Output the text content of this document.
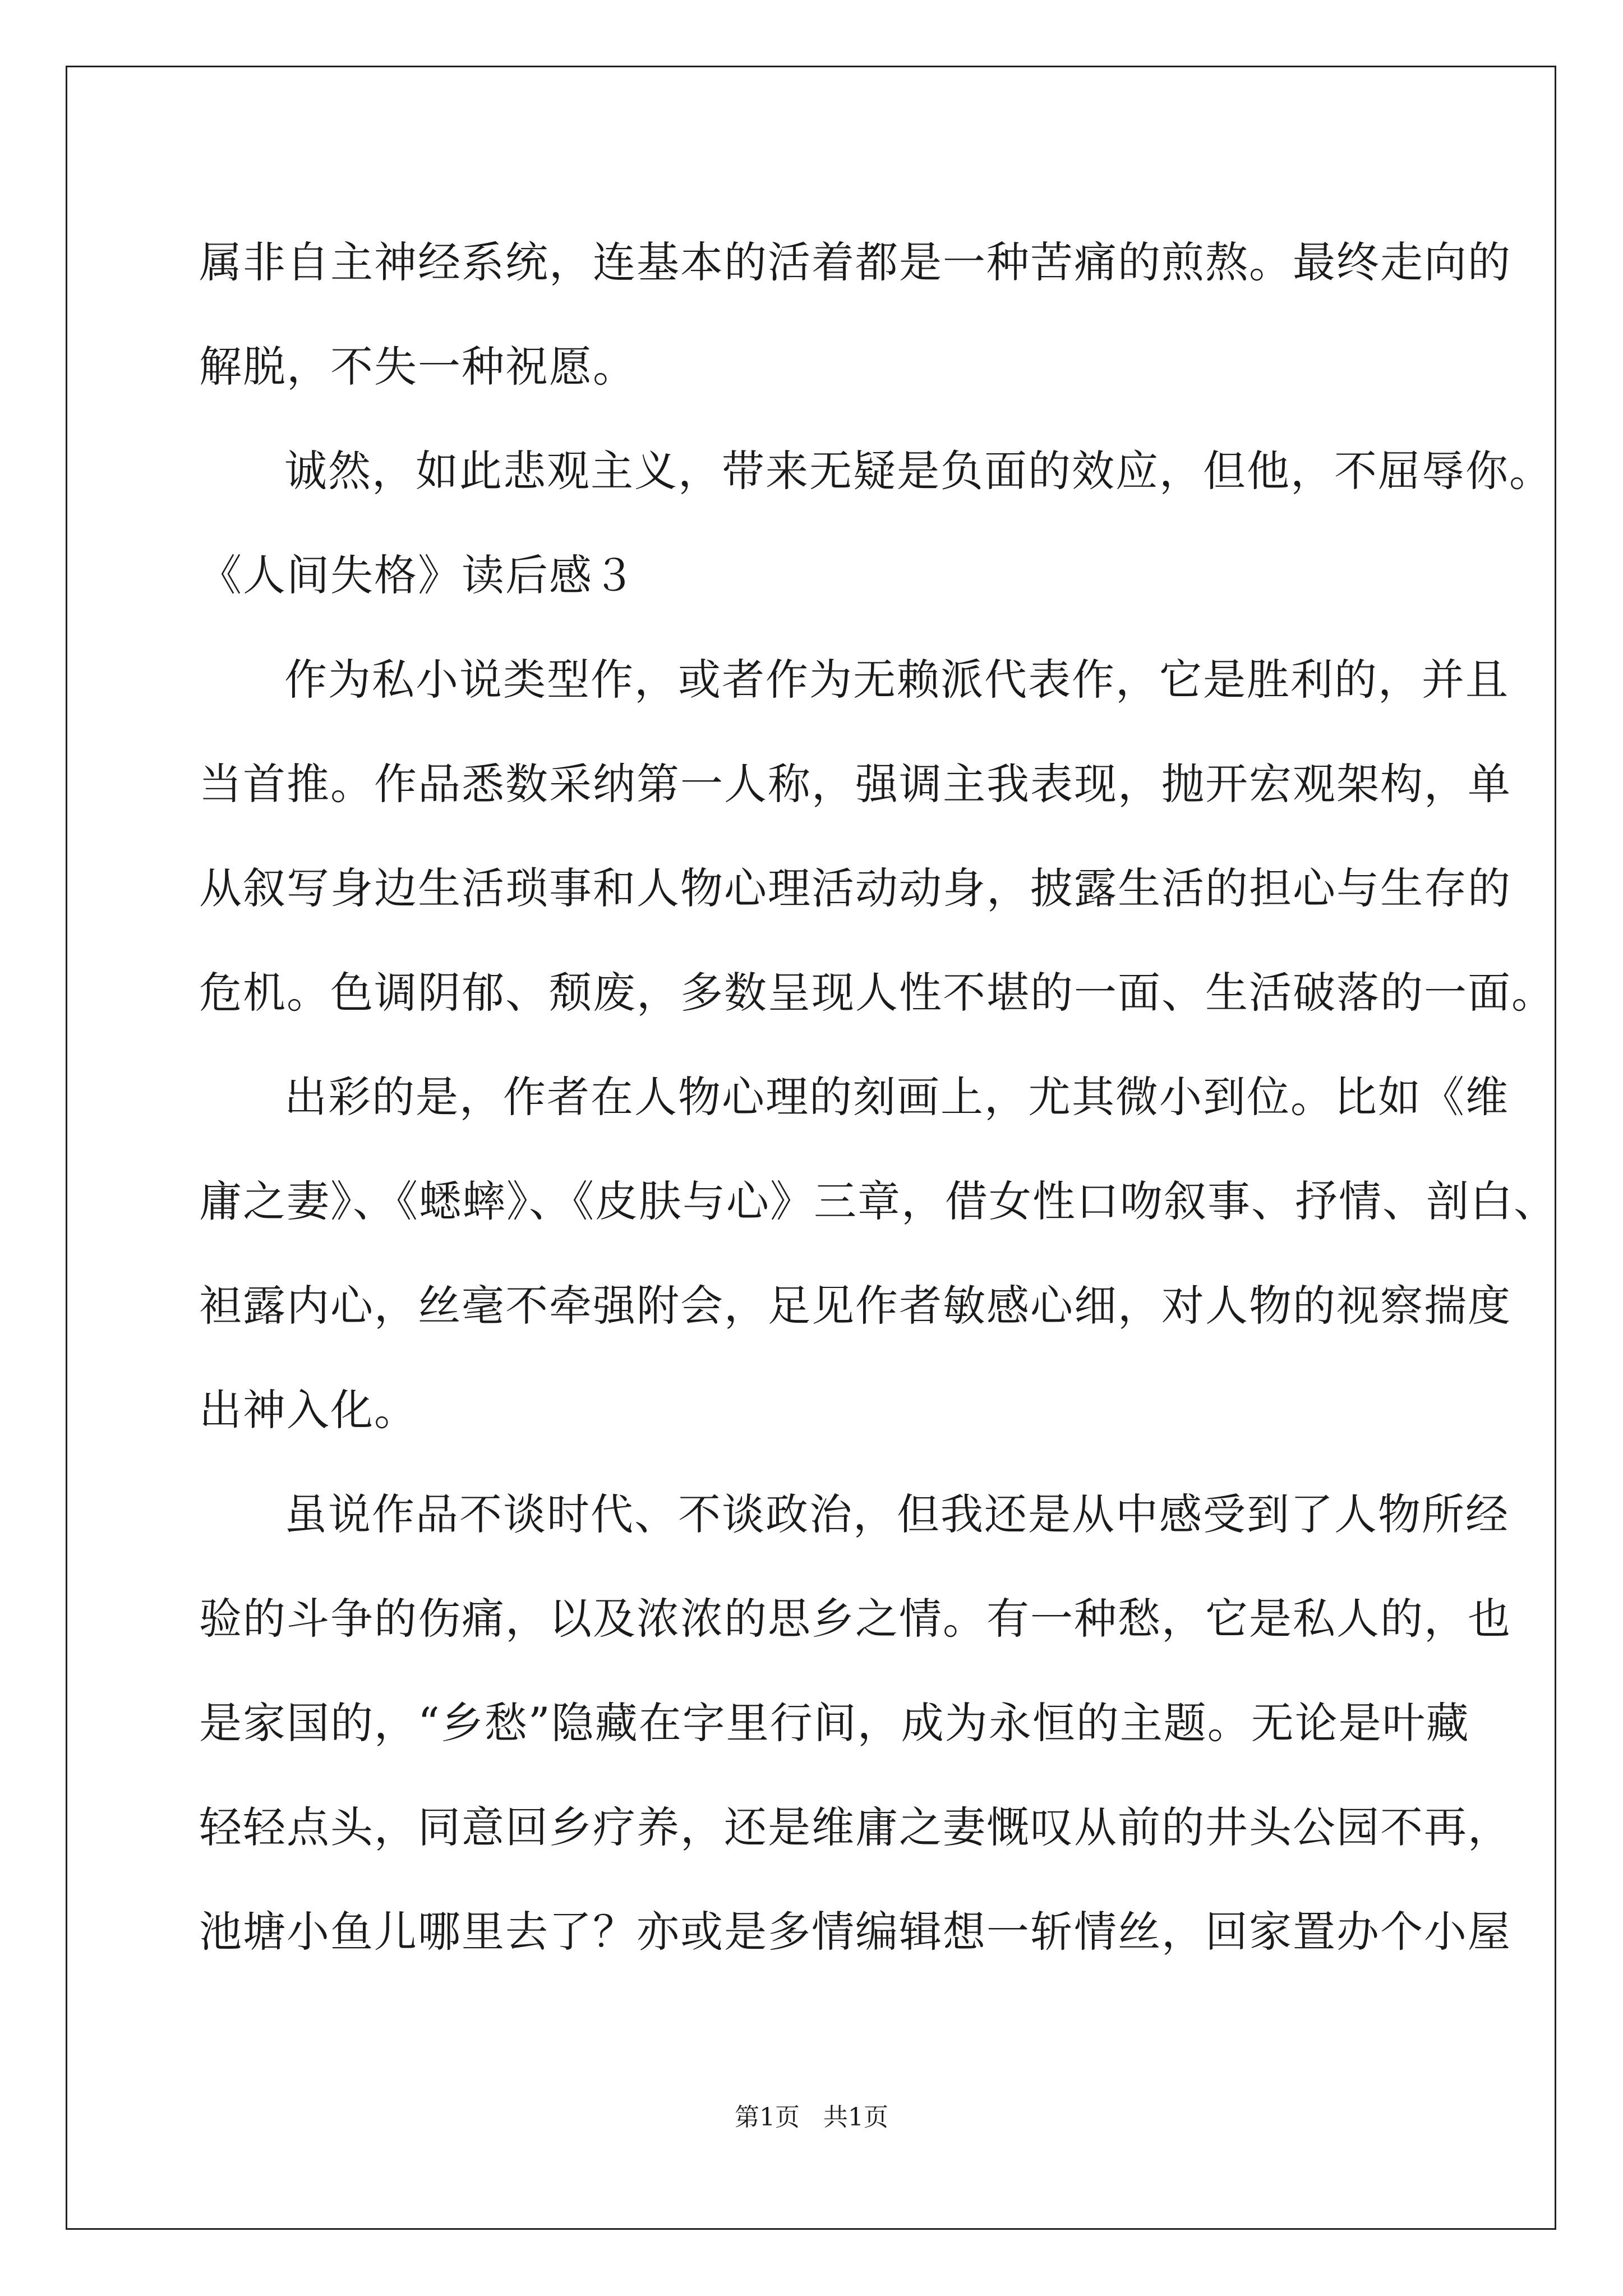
属非自主神经系统，连基本的活着都是一种苦痛的煎熬。最终走向的
解脱，不失一种祝愿。
诚然，如此悲观主义，带来无疑是负面的效应，但他，不屈辱你。
《人间失格》读后感３
作为私小说类型作，或者作为无赖派代表作，它是胜利的，并且
当首推。作品悉数采纳第一人称，强调主我表现，抛开宏观架构，单
从叙写身边生活琐事和人物心理活动动身，披露生活的担心与生存的
危机。色调阴郁、颓废，多数呈现人性不堪的一面、生活破落的一面。
出彩的是，作者在人物心理的刻画上，尤其微小到位。比如《维
庸之妻》、《蟋蟀》、《皮肤与心》三章，借女性口吻叙事、抒情、剖白、
袒露内心，丝毫不牵强附会，足见作者敏感心细，对人物的视察揣度
出神入化。
虽说作品不谈时代、不谈政治，但我还是从中感受到了人物所经
验的斗争的伤痛，以及浓浓的思乡之情。有一种愁，它是私人的，也
是家国的，“乡愁”隐藏在字里行间，成为永恒的主题。无论是叶藏
轻轻点头，同意回乡疗养，还是维庸之妻慨叹从前的井头公园不再，
池塘小鱼儿哪里去了？亦或是多情编辑想一斩情丝，回家置办个小屋
第1页   共1页
